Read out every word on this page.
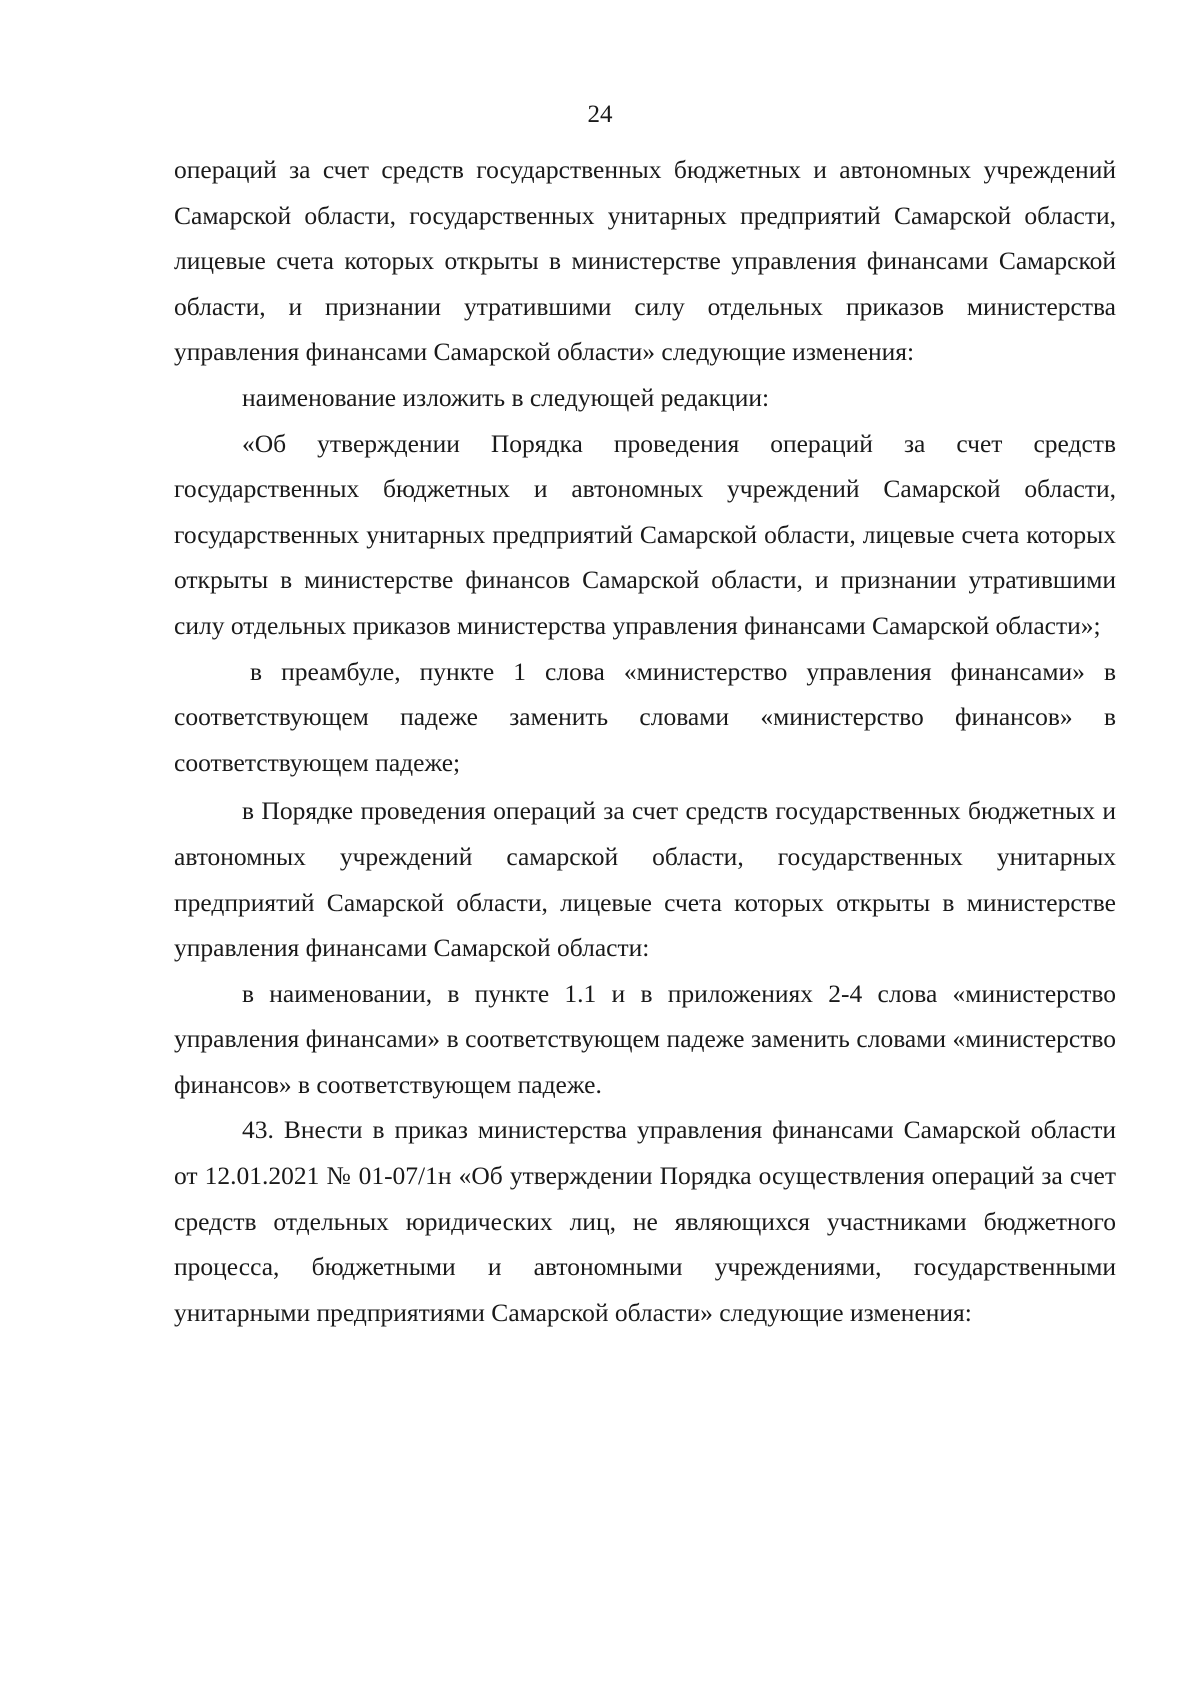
24

операций за счет средств государственных бюджетных и автономных учреждений Самарской области, государственных унитарных предприятий Самарской области, лицевые счета которых открыты в министерстве управления финансами Самарской области, и признании утратившими силу отдельных приказов министерства управления финансами Самарской области» следующие изменения:

наименование изложить в следующей редакции:

«Об утверждении Порядка проведения операций за счет средств государственных бюджетных и автономных учреждений Самарской области, государственных унитарных предприятий Самарской области, лицевые счета которых открыты в министерстве финансов Самарской области, и признании утратившими силу отдельных приказов министерства управления финансами Самарской области»;

в преамбуле, пункте 1 слова «министерство управления финансами» в соответствующем падеже заменить словами «министерство финансов» в соответствующем падеже;

в Порядке проведения операций за счет средств государственных бюджетных и автономных учреждений самарской области, государственных унитарных предприятий Самарской области, лицевые счета которых открыты в министерстве управления финансами Самарской области:

в наименовании, в пункте 1.1 и в приложениях 2-4 слова «министерство управления финансами» в соответствующем падеже заменить словами «министерство финансов» в соответствующем падеже.

43. Внести в приказ министерства управления финансами Самарской области от 12.01.2021 № 01-07/1н «Об утверждении Порядка осуществления операций за счет средств отдельных юридических лиц, не являющихся участниками бюджетного процесса, бюджетными и автономными учреждениями, государственными унитарными предприятиями Самарской области» следующие изменения:
